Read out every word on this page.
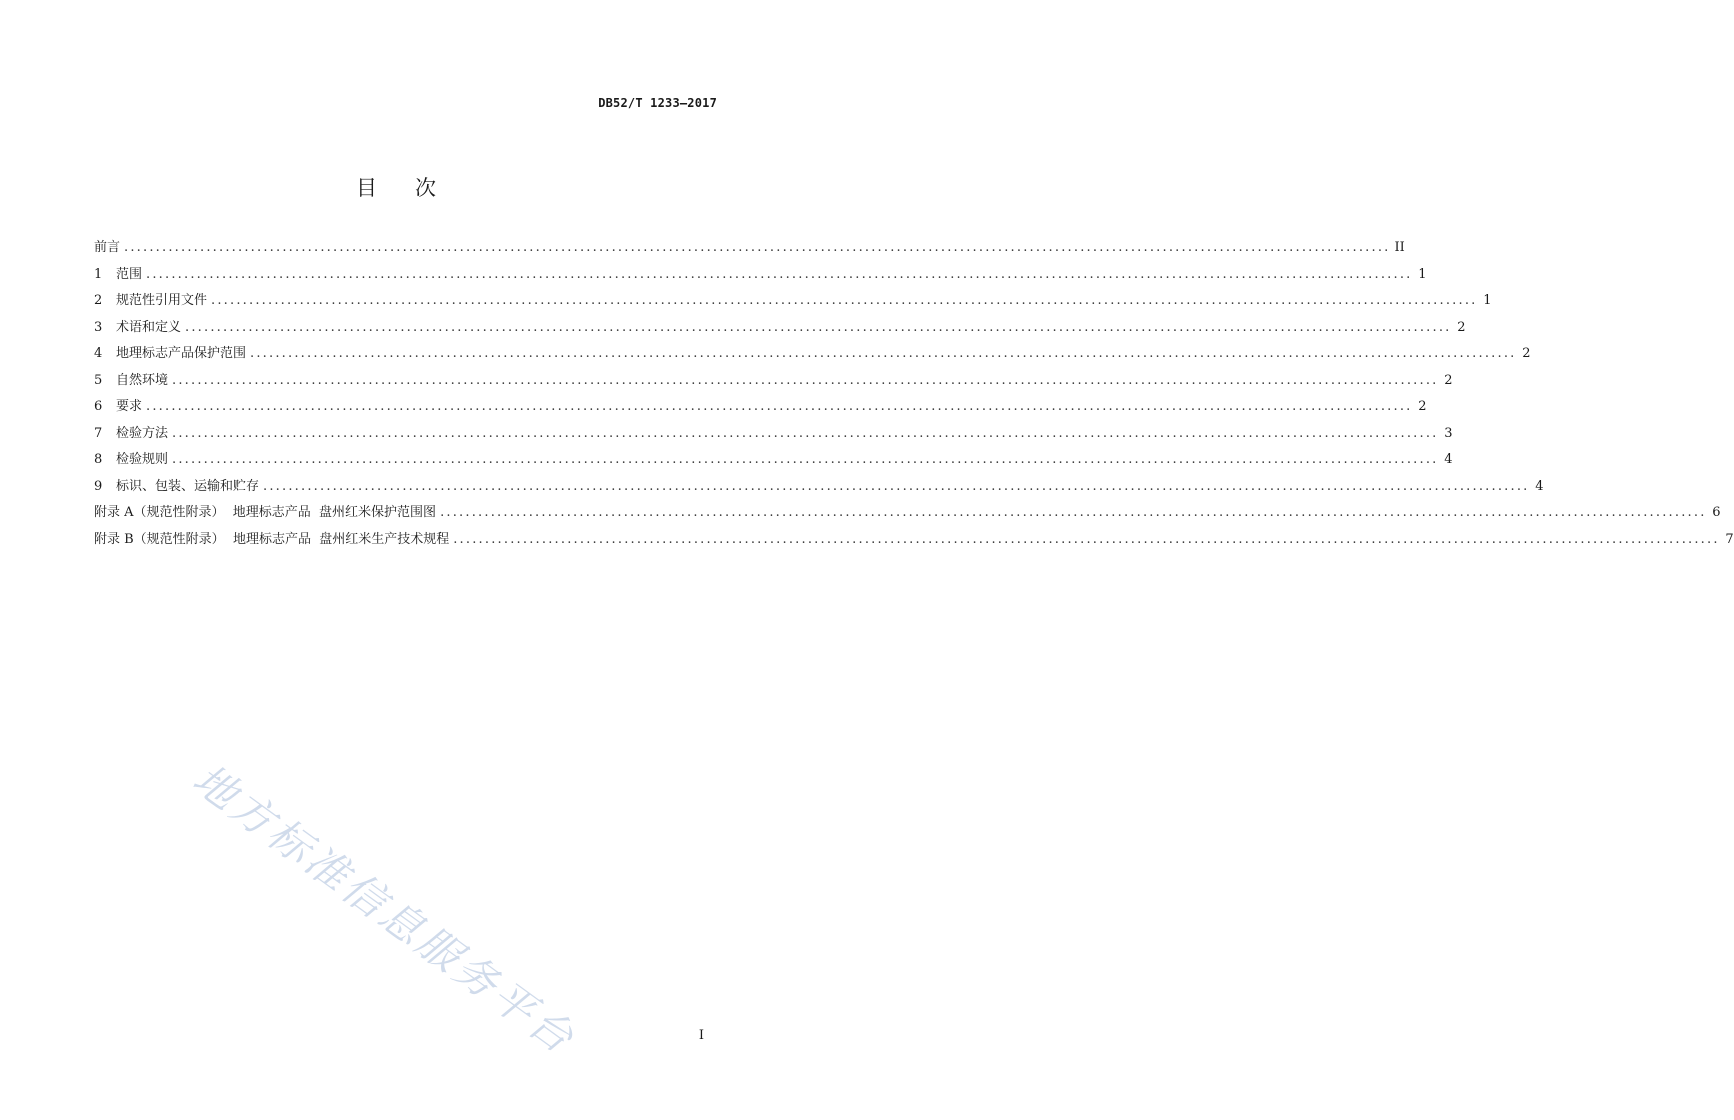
DB52/T 1233—2017
目次
前言 ........................................................................................................................................................................................................ II
1	范围 ........................................................................................................................................................................................................ 1
2	规范性引用文件 ........................................................................................................................................................................................................ 1
3	术语和定义 ........................................................................................................................................................................................................ 2
4	地理标志产品保护范围 ........................................................................................................................................................................................................ 2
5	自然环境 ........................................................................................................................................................................................................ 2
6	要求 ........................................................................................................................................................................................................ 2
7	检验方法 ........................................................................................................................................................................................................ 3
8	检验规则 ........................................................................................................................................................................................................ 4
9	标识、包装、运输和贮存 ........................................................................................................................................................................................................ 4
附录 A（规范性附录）  地理标志产品  盘州红米保护范围图 ........................................................................................................................................................................................................ 6
附录 B（规范性附录）  地理标志产品  盘州红米生产技术规程 ........................................................................................................................................................................................................ 7
地方标准信息服务平台	I
